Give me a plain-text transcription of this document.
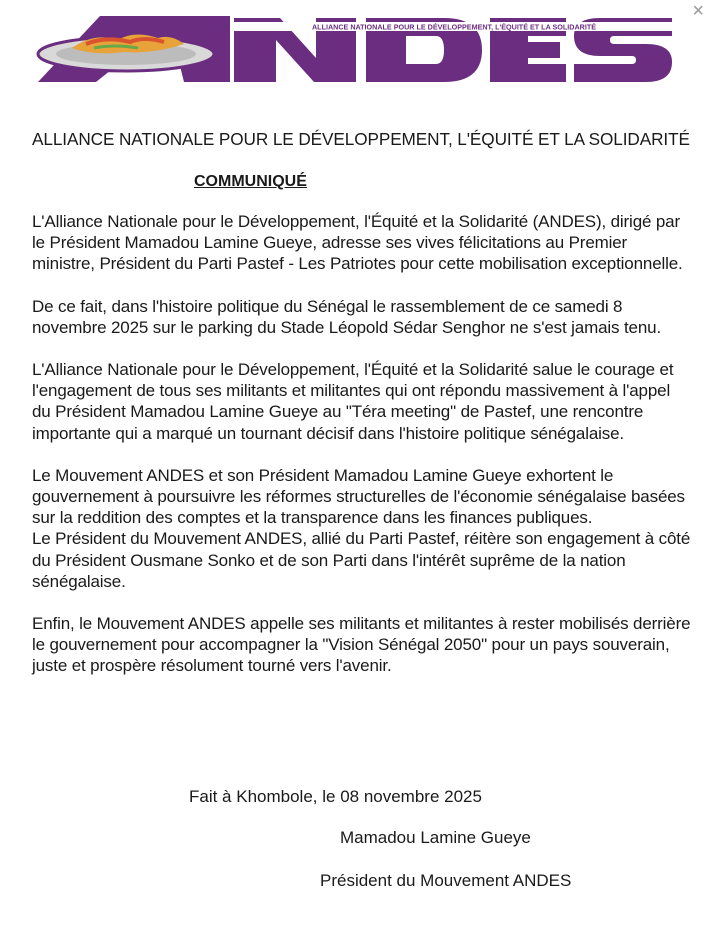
×
ALLIANCE NATIONALE POUR LE DÉVELOPPEMENT, L'ÉQUITÉ ET LA SOLIDARITÉ
ALLIANCE NATIONALE POUR LE DÉVELOPPEMENT, L'ÉQUITÉ ET LA SOLIDARITÉ
COMMUNIQUÉ

L'Alliance Nationale pour le Développement, l'Équité et la Solidarité (ANDES), dirigé par le Président Mamadou Lamine Gueye, adresse ses vives félicitations au Premier ministre, Président du Parti Pastef - Les Patriotes pour cette mobilisation exceptionnelle.

De ce fait, dans l'histoire politique du Sénégal le rassemblement de ce samedi 8 novembre 2025 sur le parking du Stade Léopold Sédar Senghor ne s'est jamais tenu.

L'Alliance Nationale pour le Développement, l'Équité et la Solidarité salue le courage et l'engagement de tous ses militants et militantes qui ont répondu massivement à l'appel du Président Mamadou Lamine Gueye au "Téra meeting" de Pastef, une rencontre importante qui a marqué un tournant décisif dans l'histoire politique sénégalaise.

Le Mouvement ANDES et son Président Mamadou Lamine Gueye exhortent le gouvernement à poursuivre les réformes structurelles de l'économie sénégalaise basées sur la reddition des comptes et la transparence dans les finances publiques.

Le Président du Mouvement ANDES, allié du Parti Pastef, réitère son engagement à côté du Président Ousmane Sonko et de son Parti dans l'intérêt suprême de la nation sénégalaise.

Enfin, le Mouvement ANDES appelle ses militants et militantes à rester mobilisés derrière le gouvernement pour accompagner la "Vision Sénégal 2050" pour un pays souverain, juste et prospère résolument tourné vers l'avenir.

Fait à Khombole, le 08 novembre 2025
Mamadou Lamine Gueye
Président du Mouvement ANDES
